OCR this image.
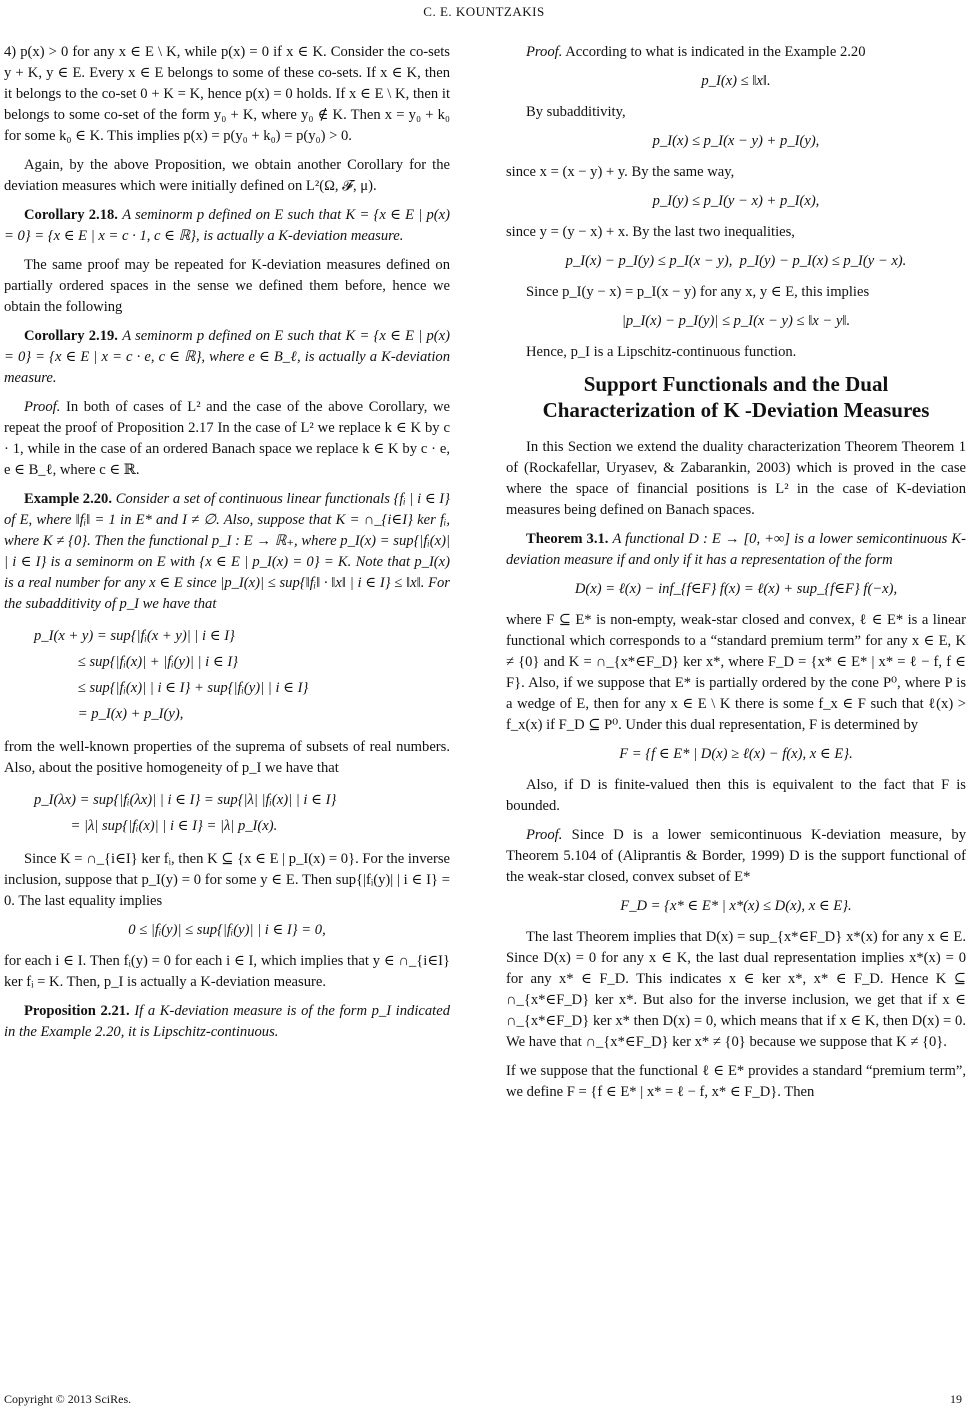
C. E. KOUNTZAKIS

4) p(x) > 0 for any x ∈ E \ K, while p(x) = 0 if x ∈ K. Consider the co-sets y + K, y ∈ E. Every x ∈ E belongs to some of these co-sets. If x ∈ K, then it belongs to the co-set 0 + K = K, hence p(x) = 0 holds. If x ∈ E \ K, then it belongs to some co-set of the form y₀ + K, where y₀ ∉ K. Then x = y₀ + k₀ for some k₀ ∈ K. This implies p(x) = p(y₀ + k₀) = p(y₀) > 0.

Again, by the above Proposition, we obtain another Corollary for the deviation measures which were initially defined on L²(Ω, 𝓕, μ).

Corollary 2.18. A seminorm p defined on E such that K = {x ∈ E | p(x) = 0} = {x ∈ E | x = c · 1, c ∈ ℝ}, is actually a K-deviation measure.

The same proof may be repeated for K-deviation measures defined on partially ordered spaces in the sense we defined them before, hence we obtain the following

Corollary 2.19. A seminorm p defined on E such that K = {x ∈ E | p(x) = 0} = {x ∈ E | x = c · e, c ∈ ℝ}, where e ∈ B_ℓ, is actually a K-deviation measure.

Proof. In both of cases of L² and the case of the above Corollary, we repeat the proof of Proposition 2.17 In the case of L² we replace k ∈ K by c · 1, while in the case of an ordered Banach space we replace k ∈ K by c · e, e ∈ B_ℓ, where c ∈ ℝ.

Example 2.20. Consider a set of continuous linear functionals {fᵢ | i ∈ I} of E, where ‖fᵢ‖ = 1 in E* and I ≠ ∅. Also, suppose that K = ∩_{i∈I} ker fᵢ, where K ≠ {0}. Then the functional p_I : E → ℝ₊, where p_I(x) = sup{|fᵢ(x)| | i ∈ I} is a seminorm on E with {x ∈ E | p_I(x) = 0} = K. Note that p_I(x) is a real number for any x ∈ E since |p_I(x)| ≤ sup{‖fᵢ‖ · ‖x‖ | i ∈ I} ≤ ‖x‖. For the subadditivity of p_I we have that

p_I(x + y) = sup{|fᵢ(x + y)| | i ∈ I}
≤ sup{|fᵢ(x)| + |fᵢ(y)| | i ∈ I}
≤ sup{|fᵢ(x)| | i ∈ I} + sup{|fᵢ(y)| | i ∈ I}
= p_I(x) + p_I(y),

from the well-known properties of the suprema of subsets of real numbers. Also, about the positive homogeneity of p_I we have that

p_I(λx) = sup{|fᵢ(λx)| | i ∈ I} = sup{|λ| |fᵢ(x)| | i ∈ I}
= |λ| sup{|fᵢ(x)| | i ∈ I} = |λ| p_I(x).

Since K = ∩_{i∈I} ker fᵢ, then K ⊆ {x ∈ E | p_I(x) = 0}. For the inverse inclusion, suppose that p_I(y) = 0 for some y ∈ E. Then sup{|fᵢ(y)| | i ∈ I} = 0. The last equality implies

0 ≤ |fᵢ(y)| ≤ sup{|fᵢ(y)| | i ∈ I} = 0,

for each i ∈ I. Then fᵢ(y) = 0 for each i ∈ I, which implies that y ∈ ∩_{i∈I} ker fᵢ = K. Then, p_I is actually a K-deviation measure.

Proposition 2.21. If a K-deviation measure is of the form p_I indicated in the Example 2.20, it is Lipschitz-continuous.

Proof. According to what is indicated in the Example 2.20

p_I(x) ≤ ‖x‖.

By subadditivity,

p_I(x) ≤ p_I(x − y) + p_I(y),

since x = (x − y) + y. By the same way,

p_I(y) ≤ p_I(y − x) + p_I(x),

since y = (y − x) + x. By the last two inequalities,

p_I(x) − p_I(y) ≤ p_I(x − y),  p_I(y) − p_I(x) ≤ p_I(y − x).

Since p_I(y − x) = p_I(x − y) for any x, y ∈ E, this implies

|p_I(x) − p_I(y)| ≤ p_I(x − y) ≤ ‖x − y‖.

Hence, p_I is a Lipschitz-continuous function.

Support Functionals and the Dual
Characterization of K -Deviation Measures

In this Section we extend the duality characterization Theorem Theorem 1 of (Rockafellar, Uryasev, & Zabarankin, 2003) which is proved in the case where the space of financial positions is L² in the case of K-deviation measures being defined on Banach spaces.

Theorem 3.1. A functional D : E → [0, +∞] is a lower semicontinuous K-deviation measure if and only if it has a representation of the form

D(x) = ℓ(x) − inf_{f∈F} f(x) = ℓ(x) + sup_{f∈F} f(−x),

where F ⊆ E* is non-empty, weak-star closed and convex, ℓ ∈ E* is a linear functional which corresponds to a “standard premium term” for any x ∈ E, K ≠ {0} and K = ∩_{x*∈F_D} ker x*, where F_D = {x* ∈ E* | x* = ℓ − f, f ∈ F}. Also, if we suppose that E* is partially ordered by the cone P⁰, where P is a wedge of E, then for any x ∈ E \ K there is some f_x ∈ F such that ℓ(x) > f_x(x) if F_D ⊆ P⁰. Under this dual representation, F is determined by

F = {f ∈ E* | D(x) ≥ ℓ(x) − f(x), x ∈ E}.

Also, if D is finite-valued then this is equivalent to the fact that F is bounded.

Proof. Since D is a lower semicontinuous K-deviation measure, by Theorem 5.104 of (Aliprantis & Border, 1999) D is the support functional of the weak-star closed, convex subset of E*

F_D = {x* ∈ E* | x*(x) ≤ D(x), x ∈ E}.

The last Theorem implies that D(x) = sup_{x*∈F_D} x*(x) for any x ∈ E. Since D(x) = 0 for any x ∈ K, the last dual representation implies x*(x) = 0 for any x* ∈ F_D. This indicates x ∈ ker x*, x* ∈ F_D. Hence K ⊆ ∩_{x*∈F_D} ker x*. But also for the inverse inclusion, we get that if x ∈ ∩_{x*∈F_D} ker x* then D(x) = 0, which means that if x ∈ K, then D(x) = 0. We have that ∩_{x*∈F_D} ker x* ≠ {0} because we suppose that K ≠ {0}.

If we suppose that the functional ℓ ∈ E* provides a standard “premium term”, we define F = {f ∈ E* | x* = ℓ − f, x* ∈ F_D}. Then

Copyright © 2013 SciRes.	19
